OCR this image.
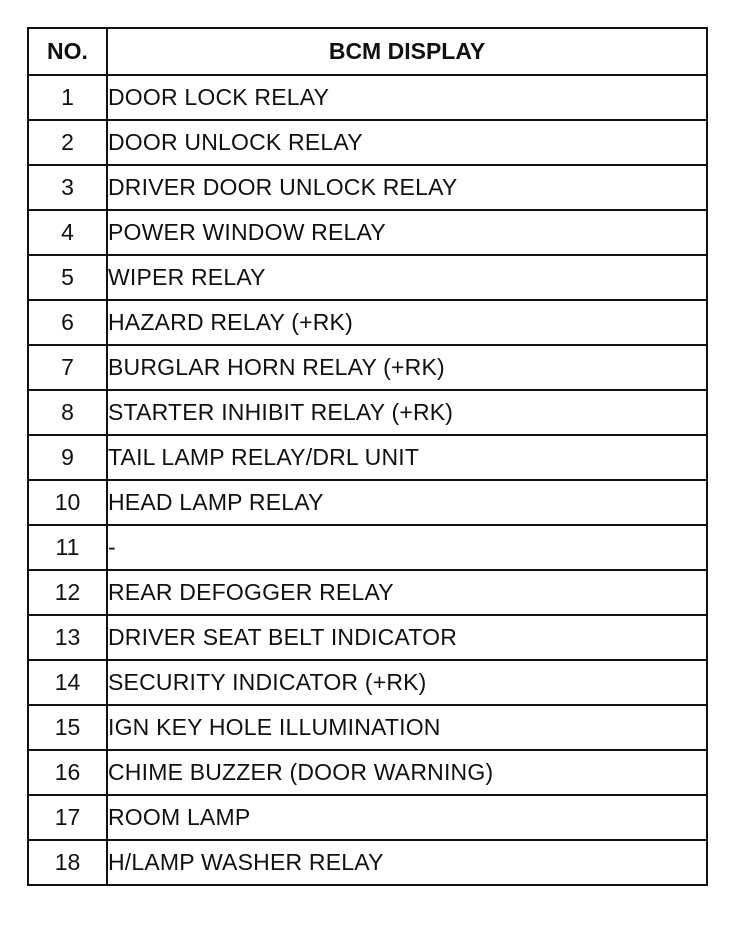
NO.	BCM DISPLAY
1	DOOR LOCK RELAY
2	DOOR UNLOCK RELAY
3	DRIVER DOOR UNLOCK RELAY
4	POWER WINDOW RELAY
5	WIPER RELAY
6	HAZARD RELAY (+RK)
7	BURGLAR HORN RELAY (+RK)
8	STARTER INHIBIT RELAY (+RK)
9	TAIL LAMP RELAY/DRL UNIT
10	HEAD LAMP RELAY
11	-
12	REAR DEFOGGER RELAY
13	DRIVER SEAT BELT INDICATOR
14	SECURITY INDICATOR (+RK)
15	IGN KEY HOLE ILLUMINATION
16	CHIME BUZZER (DOOR WARNING)
17	ROOM LAMP
18	H/LAMP WASHER RELAY
